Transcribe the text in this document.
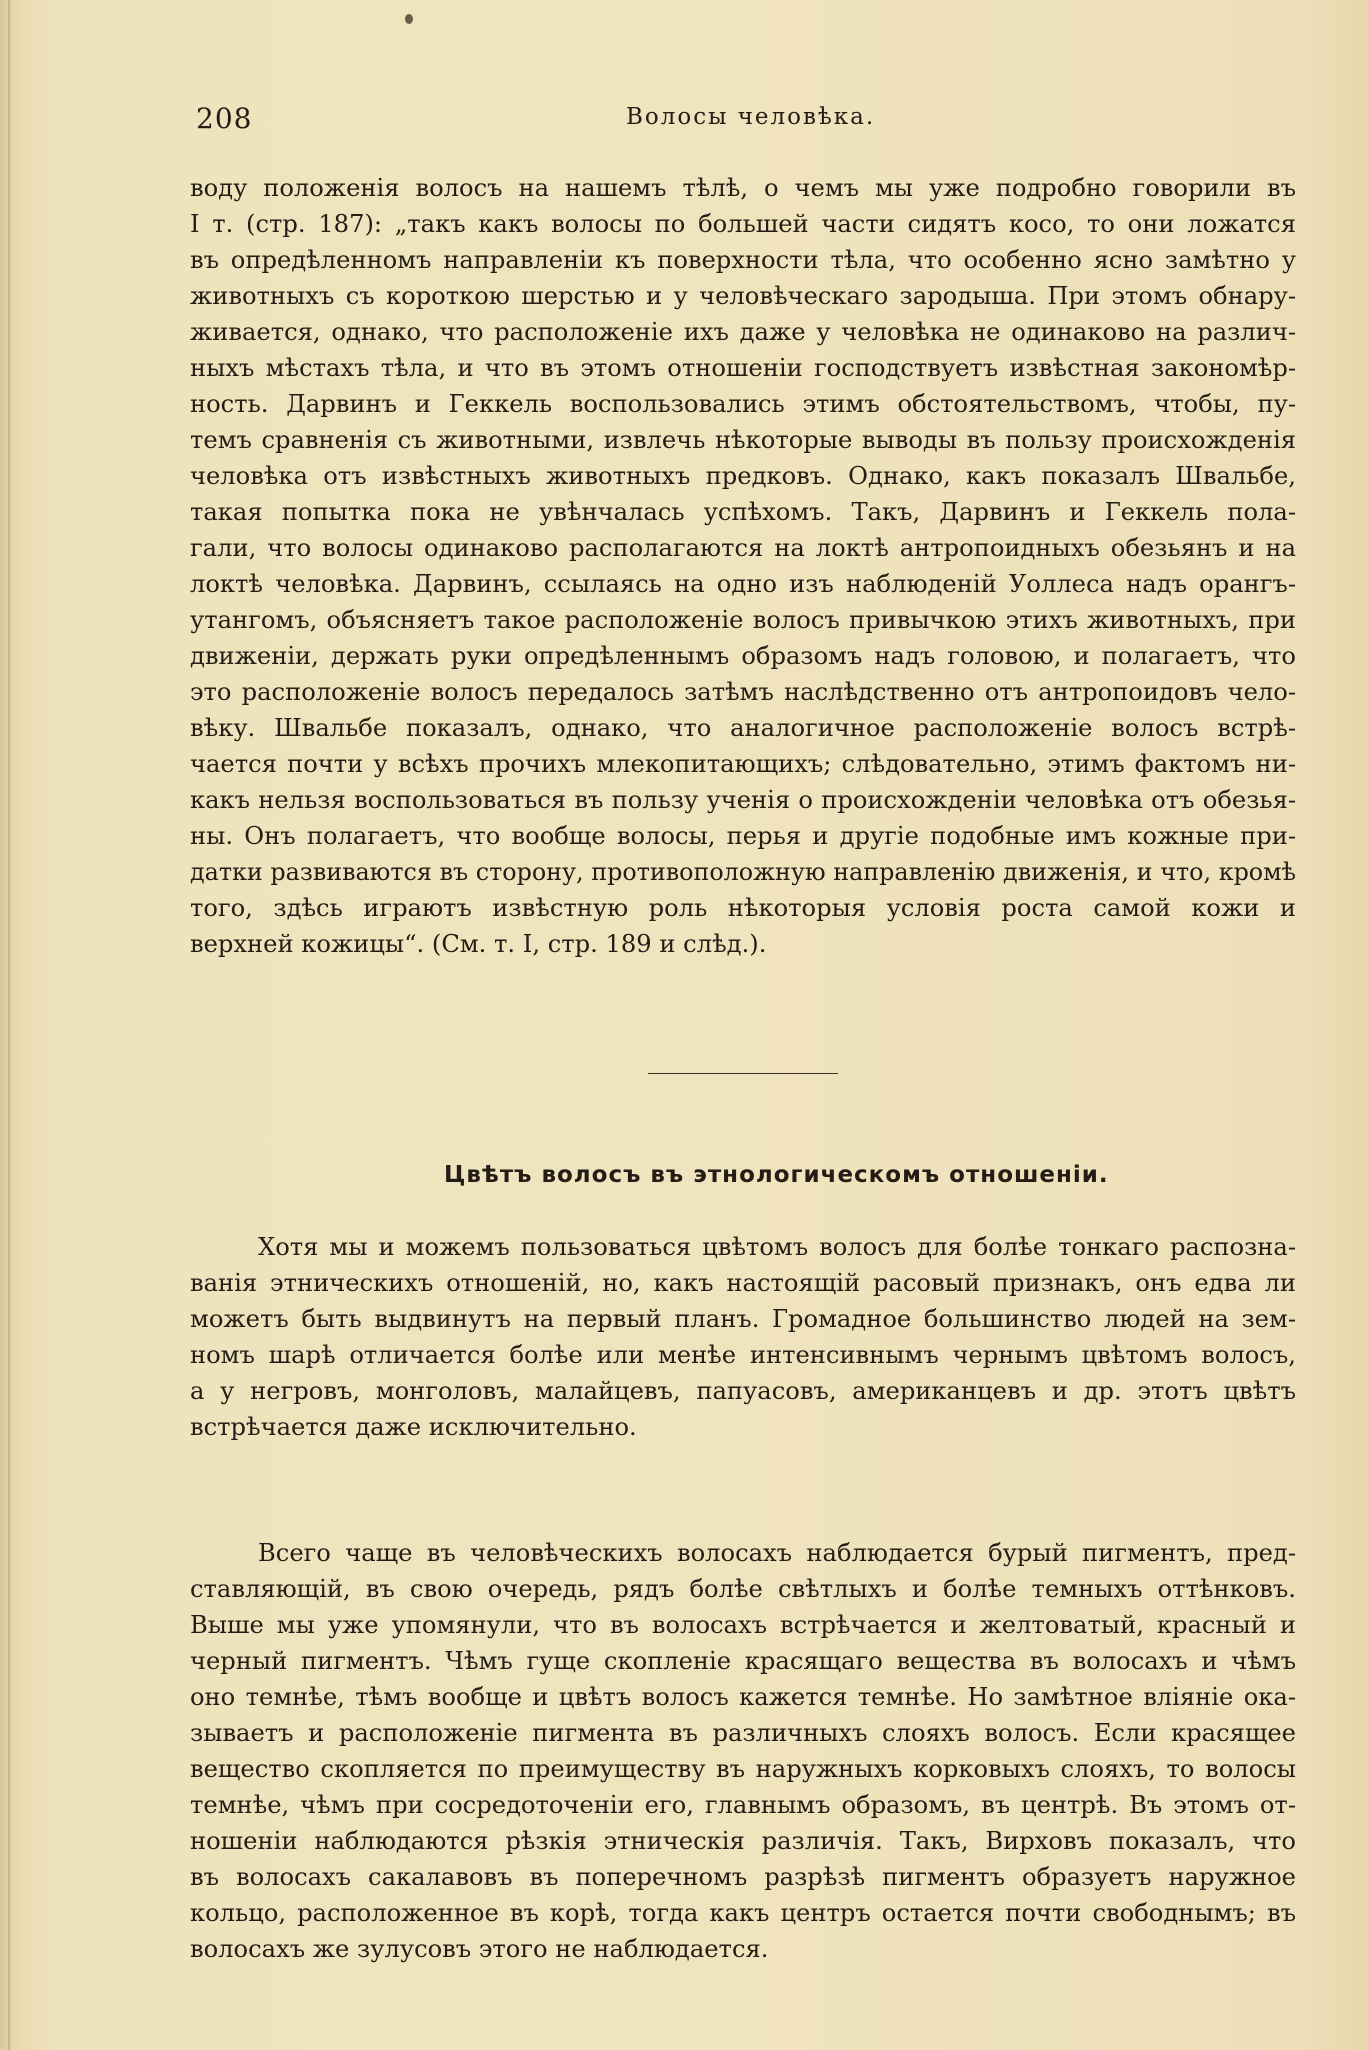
208	Волосы человѣка.
воду положенія волосъ на нашемъ тѣлѣ, о чемъ мы уже подробно говорили въ
I т. (стр. 187): „такъ какъ волосы по большей части сидятъ косо, то они ложатся
въ опредѣленномъ направленіи къ поверхности тѣла, что особенно ясно замѣтно у
животныхъ съ короткою шерстью и у человѣческаго зародыша. При этомъ обнару-
живается, однако, что расположеніе ихъ даже у человѣка не одинаково на различ-
ныхъ мѣстахъ тѣла, и что въ этомъ отношеніи господствуетъ извѣстная закономѣр-
ность. Дарвинъ и Геккель воспользовались этимъ обстоятельствомъ, чтобы, пу-
темъ сравненія съ животными, извлечь нѣкоторые выводы въ пользу происхожденія
человѣка отъ извѣстныхъ животныхъ предковъ. Однако, какъ показалъ Швальбе,
такая попытка пока не увѣнчалась успѣхомъ. Такъ, Дарвинъ и Геккель пола-
гали, что волосы одинаково располагаются на локтѣ антропоидныхъ обезьянъ и на
локтѣ человѣка. Дарвинъ, ссылаясь на одно изъ наблюденій Уоллеса надъ орангъ-
утангомъ, объясняетъ такое расположеніе волосъ привычкою этихъ животныхъ, при
движеніи, держать руки опредѣленнымъ образомъ надъ головою, и полагаетъ, что
это расположеніе волосъ передалось затѣмъ наслѣдственно отъ антропоидовъ чело-
вѣку. Швальбе показалъ, однако, что аналогичное расположеніе волосъ встрѣ-
чается почти у всѣхъ прочихъ млекопитающихъ; слѣдовательно, этимъ фактомъ ни-
какъ нельзя воспользоваться въ пользу ученія о происхожденіи человѣка отъ обезья-
ны. Онъ полагаетъ, что вообще волосы, перья и другіе подобные имъ кожные при-
датки развиваются въ сторону, противоположную направленію движенія, и что, кромѣ
того, здѣсь играютъ извѣстную роль нѣкоторыя условія роста самой кожи и
верхней кожицы“. (См. т. I, стр. 189 и слѣд.).
Цвѣтъ волосъ въ этнологическомъ отношеніи.
Хотя мы и можемъ пользоваться цвѣтомъ волосъ для болѣе тонкаго распозна-
ванія этническихъ отношеній, но, какъ настоящій расовый признакъ, онъ едва ли
можетъ быть выдвинутъ на первый планъ. Громадное большинство людей на зем-
номъ шарѣ отличается болѣе или менѣе интенсивнымъ чернымъ цвѣтомъ волосъ,
а у негровъ, монголовъ, малайцевъ, папуасовъ, американцевъ и др. этотъ цвѣтъ
встрѣчается даже исключительно.
Всего чаще въ человѣческихъ волосахъ наблюдается бурый пигментъ, пред-
ставляющій, въ свою очередь, рядъ болѣе свѣтлыхъ и болѣе темныхъ оттѣнковъ.
Выше мы уже упомянули, что въ волосахъ встрѣчается и желтоватый, красный и
черный пигментъ. Чѣмъ гуще скопленіе красящаго вещества въ волосахъ и чѣмъ
оно темнѣе, тѣмъ вообще и цвѣтъ волосъ кажется темнѣе. Но замѣтное вліяніе ока-
зываетъ и расположеніе пигмента въ различныхъ слояхъ волосъ. Если красящее
вещество скопляется по преимуществу въ наружныхъ корковыхъ слояхъ, то волосы
темнѣе, чѣмъ при сосредоточеніи его, главнымъ образомъ, въ центрѣ. Въ этомъ от-
ношеніи наблюдаются рѣзкія этническія различія. Такъ, Вирховъ показалъ, что
въ волосахъ сакалавовъ въ поперечномъ разрѣзѣ пигментъ образуетъ наружное
кольцо, расположенное въ корѣ, тогда какъ центръ остается почти свободнымъ; въ
волосахъ же зулусовъ этого не наблюдается.
